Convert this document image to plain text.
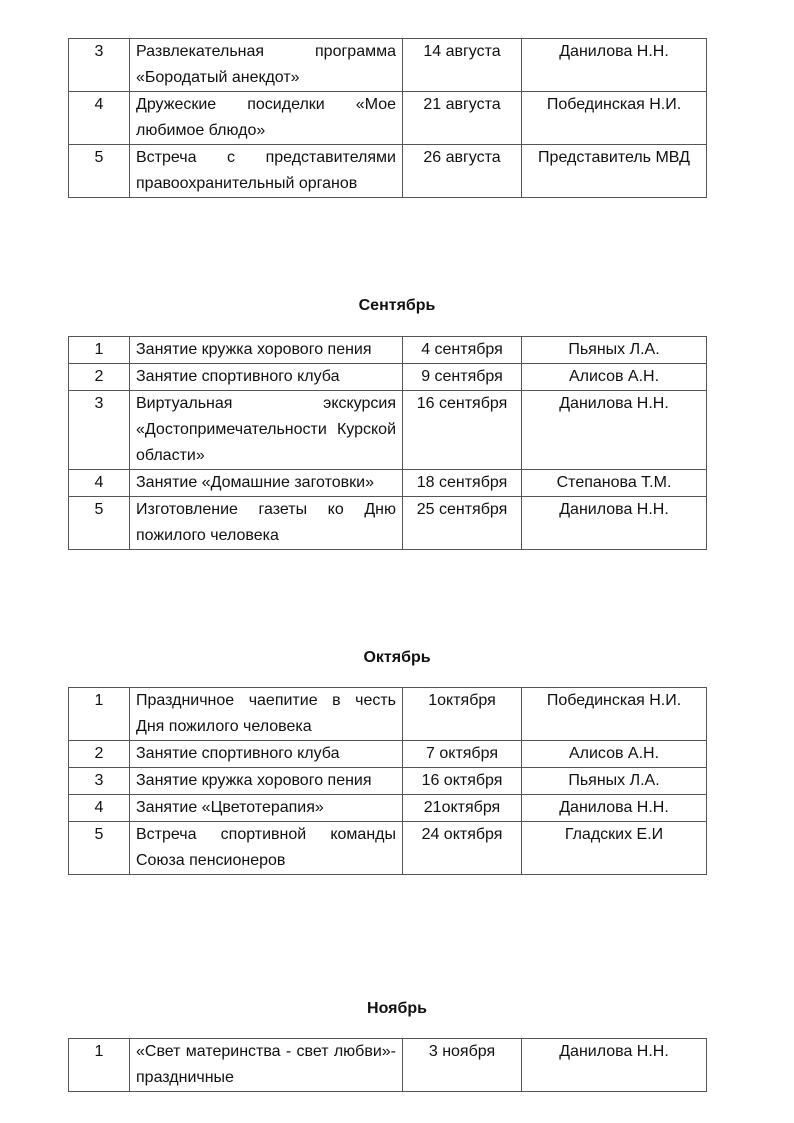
3	Развлекательная программа «Бородатый анекдот»	14 августа	Данилова Н.Н.
4	Дружеские посиделки «Мое любимое блюдо»	21 августа	Побединская Н.И.
5	Встреча с представителями правоохранительный органов	26 августа	Представитель МВД
Сентябрь
1	Занятие кружка хорового пения	4 сентября	Пьяных Л.А.
2	Занятие спортивного клуба	9 сентября	Алисов А.Н.
3	Виртуальная экскурсия «Достопримечательности Курской области»	16 сентября	Данилова Н.Н.
4	Занятие «Домашние заготовки»	18 сентября	Степанова Т.М.
5	Изготовление газеты ко Дню пожилого человека	25 сентября	Данилова Н.Н.
Октябрь
1	Праздничное чаепитие в честь Дня пожилого человека	1октября	Побединская Н.И.
2	Занятие спортивного клуба	7 октября	Алисов А.Н.
3	Занятие кружка хорового пения	16 октября	Пьяных Л.А.
4	Занятие «Цветотерапия»	21октября	Данилова Н.Н.
5	Встреча спортивной команды Союза пенсионеров	24 октября	Гладских Е.И
Ноябрь
1	«Свет материнства - свет любви»- праздничные	3 ноября	Данилова Н.Н.
